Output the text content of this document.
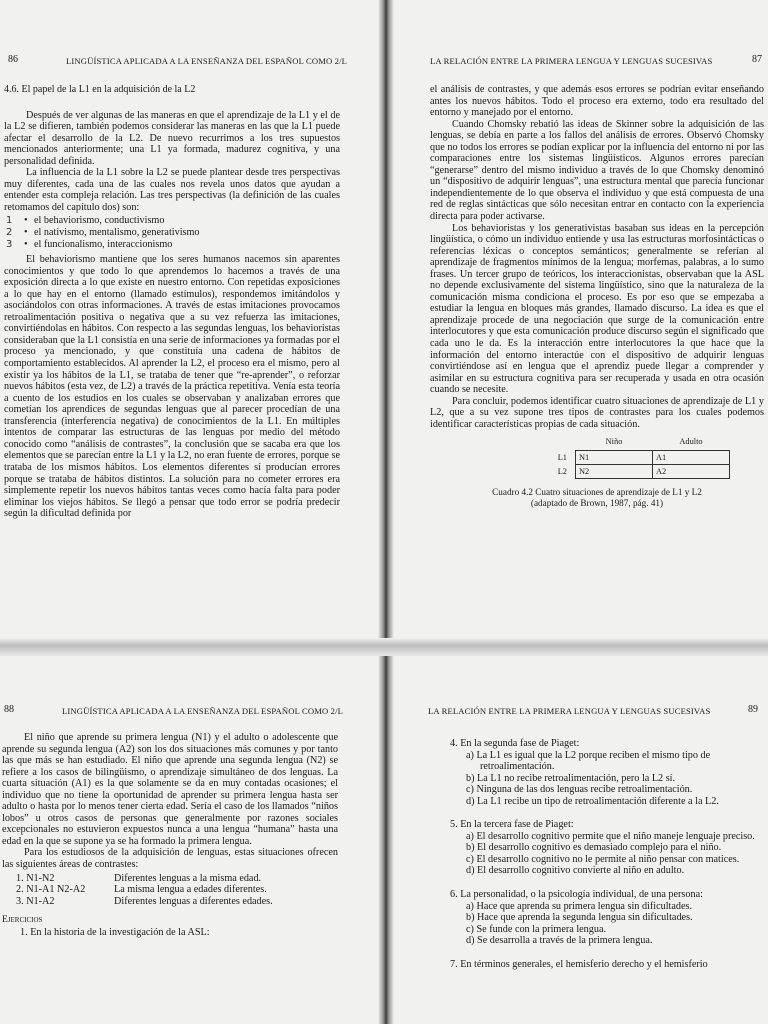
86	LINGÜÍSTICA APLICADA A LA ENSEÑANZA DEL ESPAÑOL COMO 2/L

4.6. El papel de la L1 en la adquisición de la L2

Después de ver algunas de las maneras en que el aprendizaje de la L1 y el de la L2 se difieren, también podemos considerar las maneras en las que la L1 puede afectar el desarrollo de la L2. De nuevo recurrimos a los tres supuestos mencionados anteriormente; una L1 ya formada, madurez cognitiva, y una personalidad definida.

La influencia de la L1 sobre la L2 se puede plantear desde tres perspectivas muy diferentes, cada una de las cuales nos revela unos datos que ayudan a entender esta compleja relación. Las tres perspectivas (la definición de las cuales retomamos del capítulo dos) son:

• 1 el behaviorismo, conductivismo
• 2 el nativismo, mentalismo, generativismo
• 3 el funcionalismo, interaccionismo

El behaviorismo mantiene que los seres humanos nacemos sin aparentes conocimientos y que todo lo que aprendemos lo hacemos a través de una exposición directa a lo que existe en nuestro entorno. Con repetidas exposiciones a lo que hay en el entorno (llamado estímulos), respondemos imitándolos y asociándolos con otras informaciones. A través de estas imitaciones provocamos retroalimentación positiva o negativa que a su vez refuerza las imitaciones, convirtiéndolas en hábitos. Con respecto a las segundas lenguas, los behavioristas consideraban que la L1 consistía en una serie de informaciones ya formadas por el proceso ya mencionado, y que constituía una cadena de hábitos de comportamiento establecidos. Al aprender la L2, el proceso era el mismo, pero al existir ya los hábitos de la L1, se trataba de tener que “re-aprender”, o reforzar nuevos hábitos (esta vez, de L2) a través de la práctica repetitiva. Venía esta teoría a cuento de los estudios en los cuales se observaban y analizaban errores que cometían los aprendices de segundas lenguas que al parecer procedían de una transferencia (interferencia negativa) de conocimientos de la L1. En múltiples intentos de comparar las estructuras de las lenguas por medio del método conocido como “análisis de contrastes”, la conclusión que se sacaba era que los elementos que se parecían entre la L1 y la L2, no eran fuente de errores, porque se trataba de los mismos hábitos. Los elementos diferentes sí producían errores porque se trataba de hábitos distintos. La solución para no cometer errores era simplemente repetir los nuevos hábitos tantas veces como hacía falta para poder eliminar los viejos hábitos. Se llegó a pensar que todo error se podría predecir según la dificultad definida por

LA RELACIÓN ENTRE LA PRIMERA LENGUA Y LENGUAS SUCESIVAS	87

el análisis de contrastes, y que además esos errores se podrían evitar enseñando antes los nuevos hábitos. Todo el proceso era externo, todo era resultado del entorno y manejado por el entorno.

Cuando Chomsky rebatió las ideas de Skinner sobre la adquisición de las lenguas, se debía en parte a los fallos del análisis de errores. Observó Chomsky que no todos los errores se podían explicar por la influencia del entorno ni por las comparaciones entre los sistemas lingüísticos. Algunos errores parecían “generarse” dentro del mismo individuo a través de lo que Chomsky denominó un “dispositivo de adquirir lenguas”, una estructura mental que parecía funcionar independientemente de lo que observa el individuo y que está compuesta de una red de reglas sintácticas que sólo necesitan entrar en contacto con la experiencia directa para poder activarse.

Los behavioristas y los generativistas basaban sus ideas en la percepción lingüística, o cómo un individuo entiende y usa las estructuras morfosintácticas o referencias léxicas o conceptos semánticos; generalmente se referían al aprendizaje de fragmentos mínimos de la lengua; morfemas, palabras, a lo sumo frases. Un tercer grupo de teóricos, los interaccionistas, observaban que la ASL no depende exclusivamente del sistema lingüístico, sino que la naturaleza de la comunicación misma condiciona el proceso. Es por eso que se empezaba a estudiar la lengua en bloques más grandes, llamado discurso. La idea es que el aprendizaje procede de una negociación que surge de la comunicación entre interlocutores y que esta comunicación produce discurso según el significado que cada uno le da. Es la interacción entre interlocutores la que hace que la información del entorno interactúe con el dispositivo de adquirir lenguas convirtiéndose así en lengua que el aprendiz puede llegar a comprender y asimilar en su estructura cognitiva para ser recuperada y usada en otra ocasión cuando se necesite.

Para concluir, podemos identificar cuatro situaciones de aprendizaje de L1 y L2, que a su vez supone tres tipos de contrastes para los cuales podemos identificar características propias de cada situación.

	Niño	Adulto
L1	N1	A1
L2	N2	A2
Cuadro 4.2 Cuatro situaciones de aprendizaje de L1 y L2
(adaptado de Brown, 1987, pág. 41)
88	LINGÜÍSTICA APLICADA A LA ENSEÑANZA DEL ESPAÑOL COMO 2/L

El niño que aprende su primera lengua (N1) y el adulto o adolescente que aprende su segunda lengua (A2) son los dos situaciones más comunes y por tanto las que más se han estudiado. El niño que aprende una segunda lengua (N2) se refiere a los casos de bilingüismo, o aprendizaje simultáneo de dos lenguas. La cuarta situación (A1) es la que solamente se da en muy contadas ocasiones; el individuo que no tiene la oportunidad de aprender su primera lengua hasta ser adulto o hasta por lo menos tener cierta edad. Sería el caso de los llamados “niños lobos” u otros casos de personas que generalmente por razones sociales excepcionales no estuvieron expuestos nunca a una lengua “humana” hasta una edad en la que se supone ya se ha formado la primera lengua.

Para los estudiosos de la adquisición de lenguas, estas situaciones ofrecen las siguientes áreas de contrastes:

1. N1-N2	Diferentes lenguas a la misma edad.
2. N1-A1 N2-A2	La misma lengua a edades diferentes.
3. N1-A2	Diferentes lenguas a diferentes edades.

Ejercicios

1. En la historia de la investigación de la ASL:

LA RELACIÓN ENTRE LA PRIMERA LENGUA Y LENGUAS SUCESIVAS	89
4. En la segunda fase de Piaget:
a) La L1 es igual que la L2 porque reciben el mismo tipo de retroalimentación.
b) La L1 no recibe retroalimentación, pero la L2 sí.
c) Ninguna de las dos lenguas recibe retroalimentación.
d) La L1 recibe un tipo de retroalimentación diferente a la L2.
5. En la tercera fase de Piaget:
a) El desarrollo cognitivo permite que el niño maneje lenguaje preciso.
b) El desarrollo cognitivo es demasiado complejo para el niño.
c) El desarrollo cognitivo no le permite al niño pensar con matices.
d) El desarrollo cognitivo convierte al niño en adulto.
6. La personalidad, o la psicología individual, de una persona:
a) Hace que aprenda su primera lengua sin dificultades.
b) Hace que aprenda la segunda lengua sin dificultades.
c) Se funde con la primera lengua.
d) Se desarrolla a través de la primera lengua.
7. En términos generales, el hemisferio derecho y el hemisferio
